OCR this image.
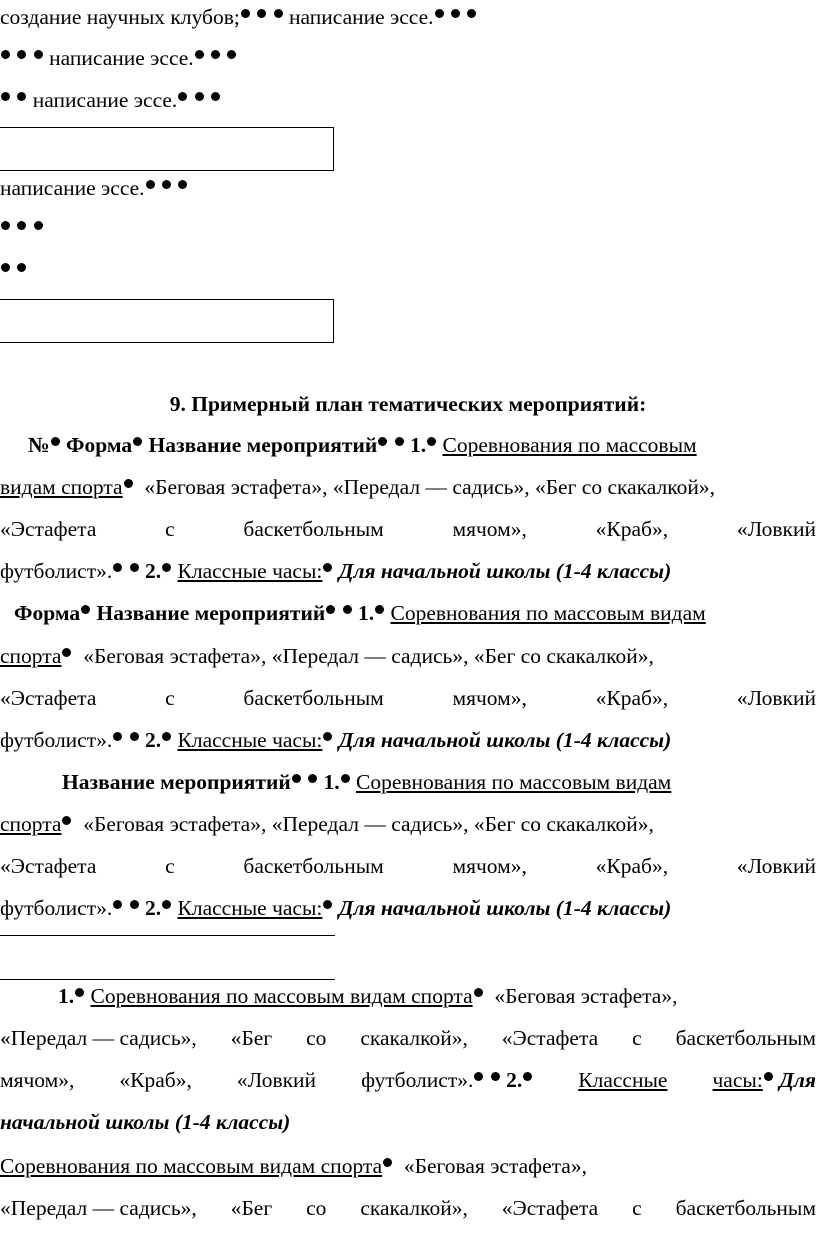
создание научных клубов; написание эссе.
написание эссе.
написание эссе.
написание эссе.

9. Примерный план тематических мероприятий:
№ Форма Название мероприятий 1. Соревнования по массовым
видам спорта «Беговая эстафета», «Передал — садись», «Бег со скакалкой»,
«Эстафета	с	баскетбольным	мячом»,	«Краб»,	«Ловкий
футболист». 2. Классные часы: Для начальной школы (1-4 классы)
Форма Название мероприятий 1. Соревнования по массовым видам
спорта «Беговая эстафета», «Передал — садись», «Бег со скакалкой»,
«Эстафета	с	баскетбольным	мячом»,	«Краб»,	«Ловкий
футболист». 2. Классные часы: Для начальной школы (1-4 классы)
Название мероприятий 1. Соревнования по массовым видам
спорта «Беговая эстафета», «Передал — садись», «Бег со скакалкой»,
«Эстафета	с	баскетбольным	мячом»,	«Краб»,	«Ловкий
футболист». 2. Классные часы: Для начальной школы (1-4 классы)
1. Соревнования по массовым видам спорта «Беговая эстафета»,
«Передал — садись», «Бег со скакалкой», «Эстафета с баскетбольным
мячом», «Краб», «Ловкий футболист». 2.	Классные часы: Для
начальной школы (1-4 классы)
Соревнования по массовым видам спорта «Беговая эстафета»,
«Передал — садись», «Бег со скакалкой», «Эстафета с баскетбольным
